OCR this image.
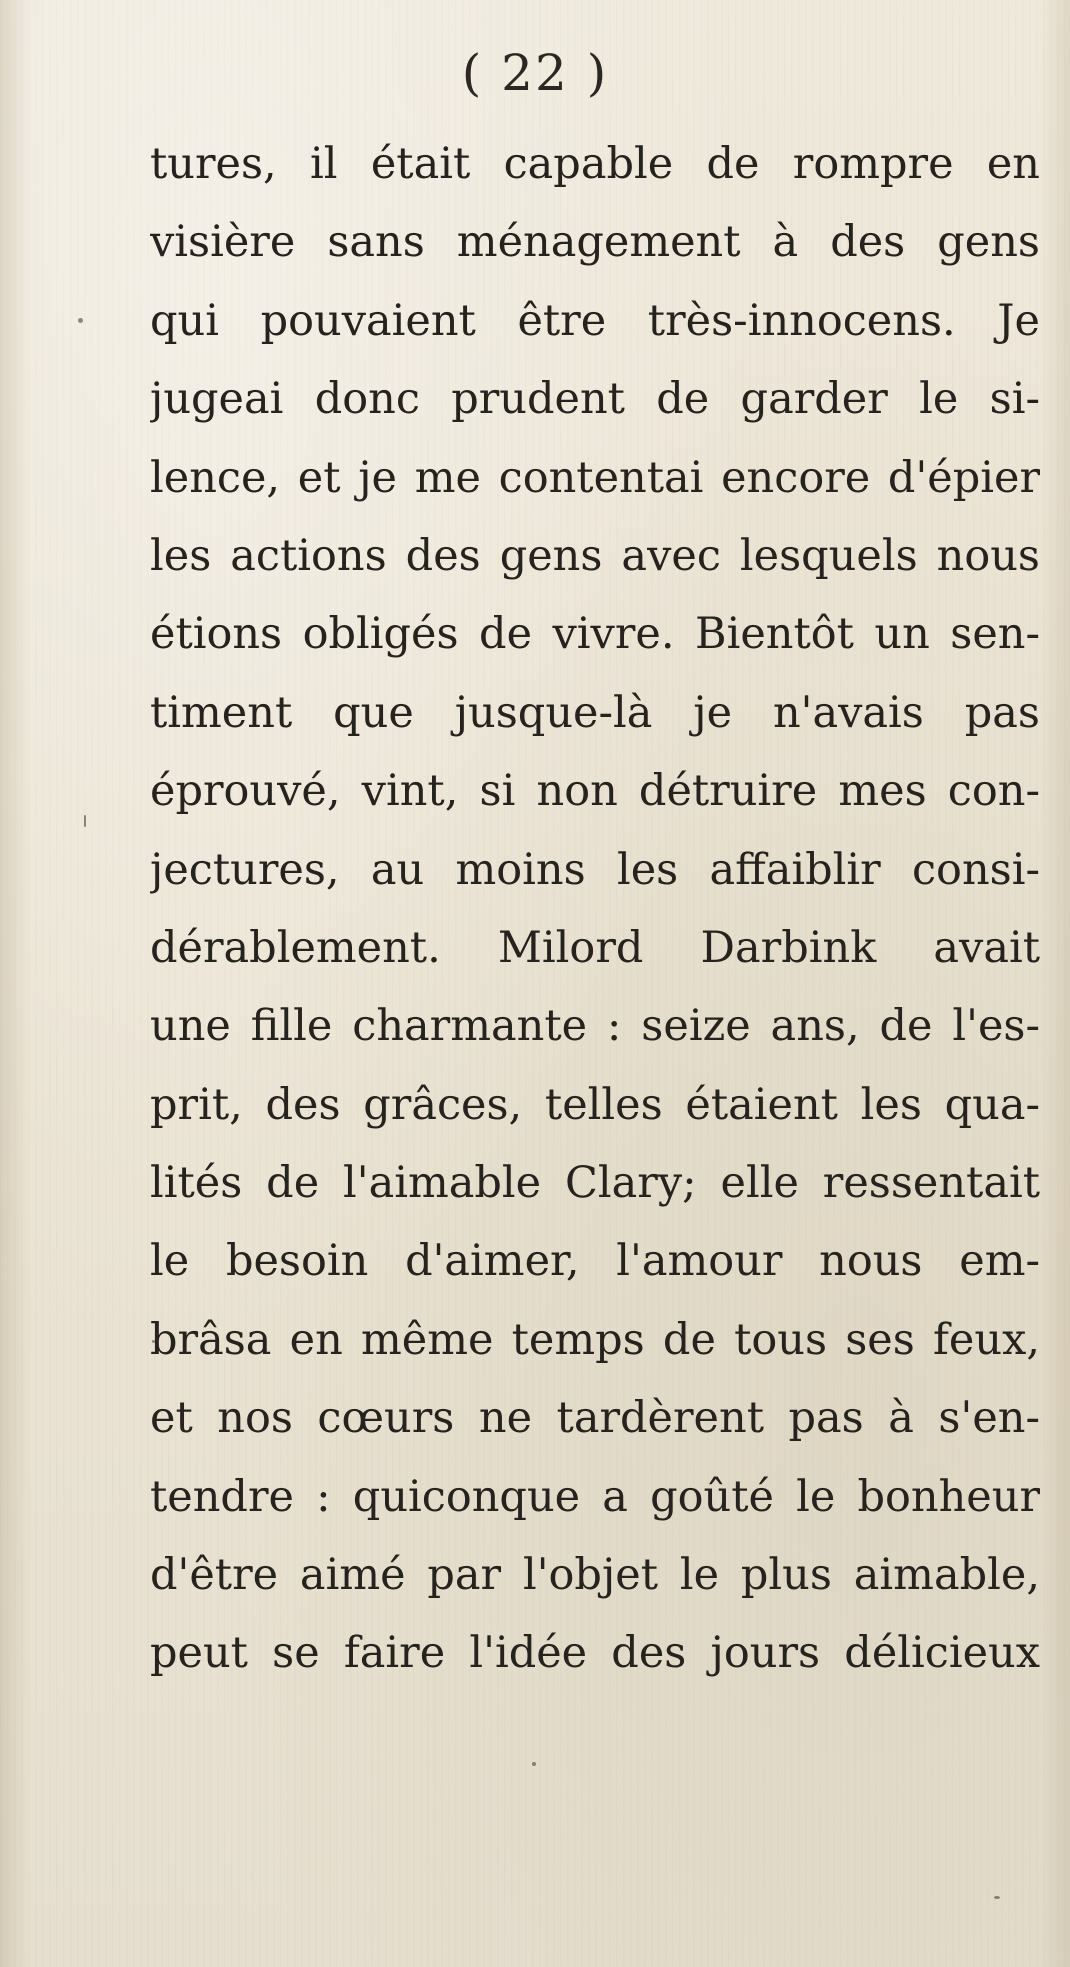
( 22 )
tures, il était capable de rompre en
visière sans ménagement à des gens
qui pouvaient être très-innocens. Je
jugeai donc prudent de garder le si-
lence, et je me contentai encore d'épier
les actions des gens avec lesquels nous
étions obligés de vivre. Bientôt un sen-
timent que jusque-là je n'avais pas
éprouvé, vint, si non détruire mes con-
jectures, au moins les affaiblir consi-
dérablement. Milord Darbink avait
une fille charmante : seize ans, de l'es-
prit, des grâces, telles étaient les qua-
lités de l'aimable Clary; elle ressentait
le besoin d'aimer, l'amour nous em-
brâsa en même temps de tous ses feux,
et nos cœurs ne tardèrent pas à s'en-
tendre : quiconque a goûté le bonheur
d'être aimé par l'objet le plus aimable,
peut se faire l'idée des jours délicieux
